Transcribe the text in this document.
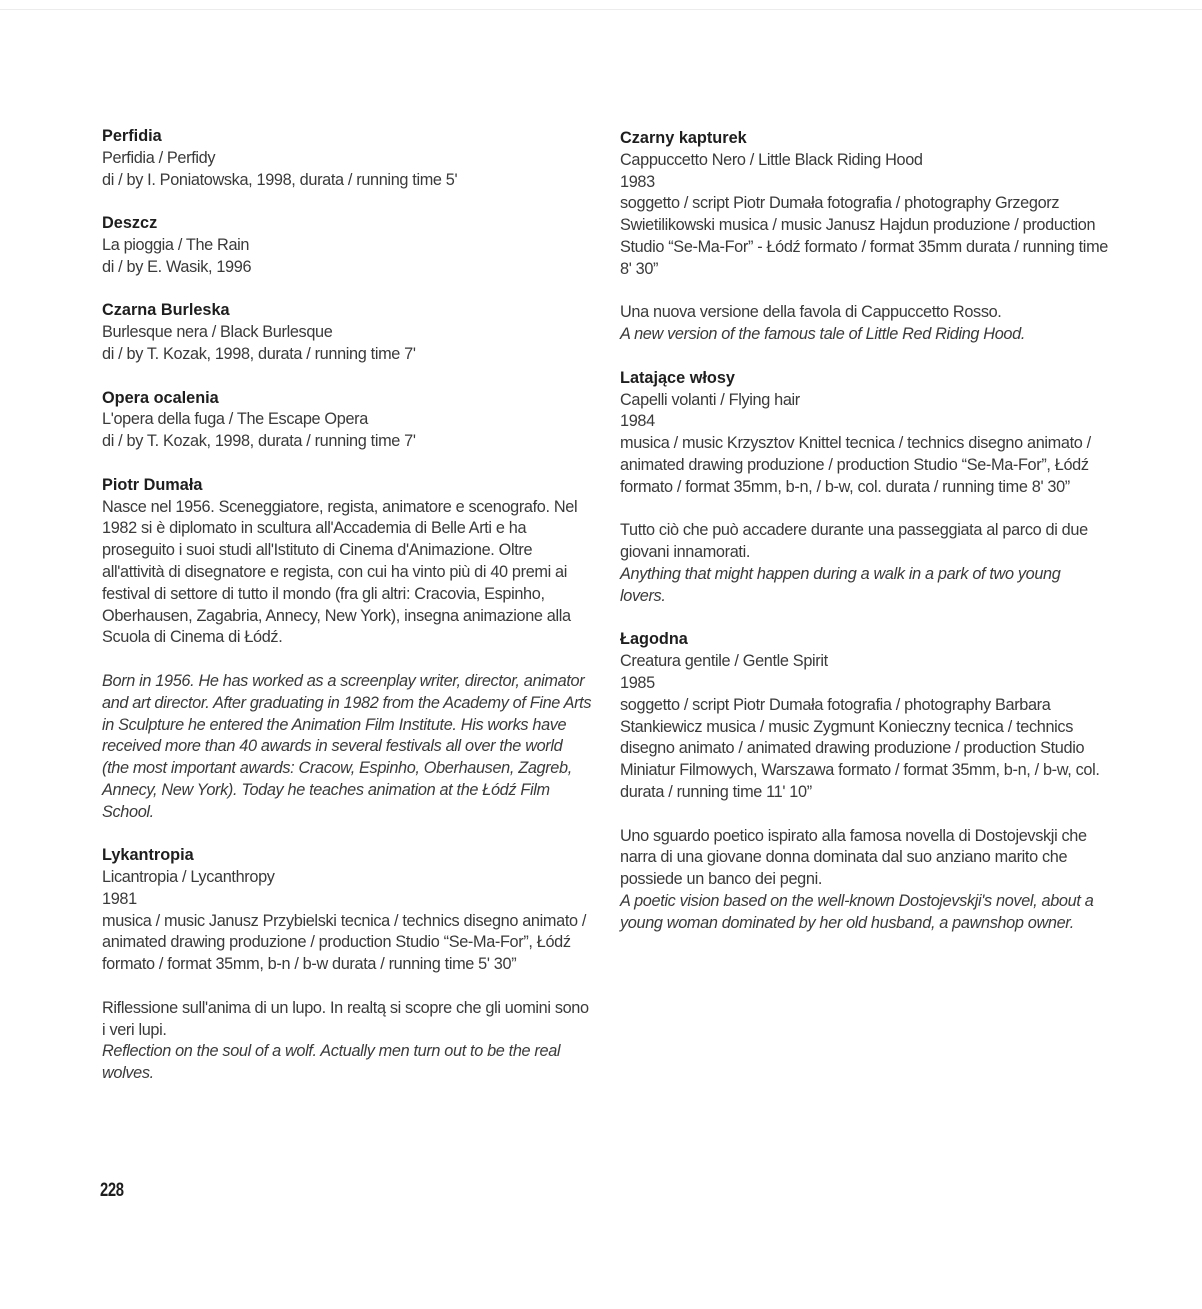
Perfidia

Perfidia / Perfidy

di / by I. Poniatowska, 1998, durata / running time 5'

Deszcz

La pioggia / The Rain

di / by E. Wasik, 1996

Czarna Burleska

Burlesque nera / Black Burlesque

di / by T. Kozak, 1998, durata / running time 7'

Opera ocalenia

L'opera della fuga / The Escape Opera

di / by T. Kozak, 1998, durata / running time 7'

Piotr Dumała

Nasce nel 1956. Sceneggiatore, regista, animatore e scenografo. Nel 1982 si è diplomato in scultura all'Accademia di Belle Arti e ha proseguito i suoi studi all'Istituto di Cinema d'Animazione. Oltre all'attività di disegnatore e regista, con cui ha vinto più di 40 premi ai festival di settore di tutto il mondo (fra gli altri: Cracovia, Espinho, Oberhausen, Zagabria, Annecy, New York), insegna animazione alla Scuola di Cinema di Łódź.

Born in 1956. He has worked as a screenplay writer, director, animator and art director. After graduating in 1982 from the Academy of Fine Arts in Sculpture he entered the Animation Film Institute. His works have received more than 40 awards in several festivals all over the world (the most important awards: Cracow, Espinho, Oberhausen, Zagreb, Annecy, New York). Today he teaches animation at the Łódź Film School.

Lykantropia

Licantropia / Lycanthropy

1981

musica / music Janusz Przybielski tecnica / technics disegno animato / animated drawing produzione / production Studio “Se-Ma-For”, Łódź formato / format 35mm, b-n / b-w durata / running time 5' 30”

Riflessione sull'anima di un lupo. In realtą si scopre che gli uomini sono i veri lupi.

Reflection on the soul of a wolf. Actually men turn out to be the real wolves.

Czarny kapturek

Cappuccetto Nero / Little Black Riding Hood

1983

soggetto / script Piotr Dumała fotografia / photography Grzegorz Swietilikowski musica / music Janusz Hajdun produzione / production Studio “Se-Ma-For” - Łódź formato / format 35mm durata / running time 8' 30”

Una nuova versione della favola di Cappuccetto Rosso.

A new version of the famous tale of Little Red Riding Hood.

Latające włosy

Capelli volanti / Flying hair

1984

musica / music Krzysztov Knittel tecnica / technics disegno animato / animated drawing produzione / production Studio “Se-Ma-For”, Łódź formato / format 35mm, b-n, / b-w, col. durata / running time 8' 30”

Tutto ciò che può accadere durante una passeggiata al parco di due giovani innamorati.

Anything that might happen during a walk in a park of two young lovers.

Łagodna

Creatura gentile / Gentle Spirit

1985

soggetto / script Piotr Dumała fotografia / photography Barbara Stankiewicz musica / music Zygmunt Konieczny tecnica / technics disegno animato / animated drawing produzione / production Studio Miniatur Filmowych, Warszawa formato / format 35mm, b-n, / b-w, col. durata / running time 11' 10”

Uno sguardo poetico ispirato alla famosa novella di Dostojevskji che narra di una giovane donna dominata dal suo anziano marito che possiede un banco dei pegni.

A poetic vision based on the well-known Dostojevskji's novel, about a young woman dominated by her old husband, a pawnshop owner.

228
